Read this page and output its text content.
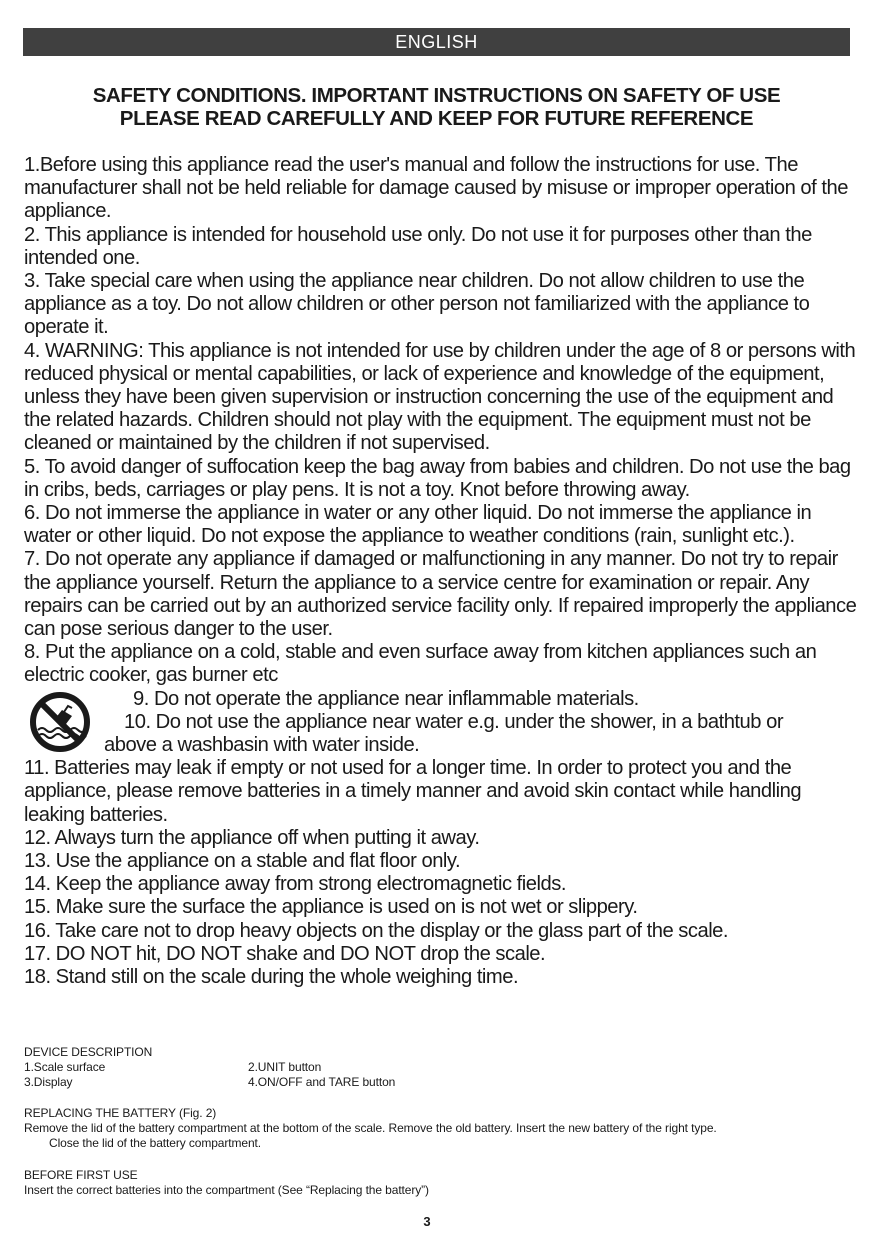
ENGLISH
SAFETY CONDITIONS. IMPORTANT INSTRUCTIONS ON SAFETY OF USE
PLEASE READ CAREFULLY AND KEEP FOR FUTURE REFERENCE
1.Before using this appliance read the user's manual and follow the instructions for use. The manufacturer shall not be held reliable for damage caused by misuse or improper operation of the appliance.
2. This appliance is intended for household use only. Do not use it for purposes other than the intended one.
3. Take special care when using the appliance near children. Do not allow children to use the appliance as a toy. Do not allow children or other person not familiarized with the appliance to operate it.
4. WARNING: This appliance is not intended for use by children under the age of 8 or persons with reduced physical or mental capabilities, or lack of experience and knowledge of the equipment, unless they have been given supervision or instruction concerning the use of the equipment and the related hazards. Children should not play with the equipment. The equipment must not be cleaned or maintained by the children if not supervised.
5. To avoid danger of suffocation keep the bag away from babies and children. Do not use the bag in cribs, beds, carriages or play pens. It is not a toy. Knot before throwing away.
6. Do not immerse the appliance in water or any other liquid. Do not immerse the appliance in water or other liquid. Do not expose the appliance to weather conditions (rain, sunlight etc.).
7. Do not operate any appliance if damaged or malfunctioning in any manner. Do not try to repair the appliance yourself. Return the appliance to a service centre for examination or repair. Any repairs can be carried out by an authorized service facility only. If repaired improperly the appliance can pose serious danger to the user.
8. Put the appliance on a cold, stable and even surface away from kitchen appliances such an electric cooker, gas burner etc
9. Do not operate the appliance near inflammable materials.
10. Do not use the appliance near water e.g. under the shower, in a bathtub or
above a washbasin with water inside.
11. Batteries may leak if empty or not used for a longer time. In order to protect you and the appliance, please remove batteries in a timely manner and avoid skin contact while handling leaking batteries.
12. Always turn the appliance off when putting it away.
13. Use the appliance on a stable and flat floor only.
14. Keep the appliance away from strong electromagnetic fields.
15. Make sure the surface the appliance is used on is not wet or slippery.
16. Take care not to drop heavy objects on the display or the glass part of the scale.
17. DO NOT hit, DO NOT shake and DO NOT drop the scale.
18. Stand still on the scale during the whole weighing time.
DEVICE DESCRIPTION
1.Scale surface	2.UNIT button
3.Display	4.ON/OFF and TARE button
REPLACING THE BATTERY (Fig. 2)
Remove the lid of the battery compartment at the bottom of the scale. Remove the old battery. Insert the new battery of the right type.
Close the lid of the battery compartment.
BEFORE FIRST USE
Insert the correct batteries into the compartment (See “Replacing the battery”)
3
